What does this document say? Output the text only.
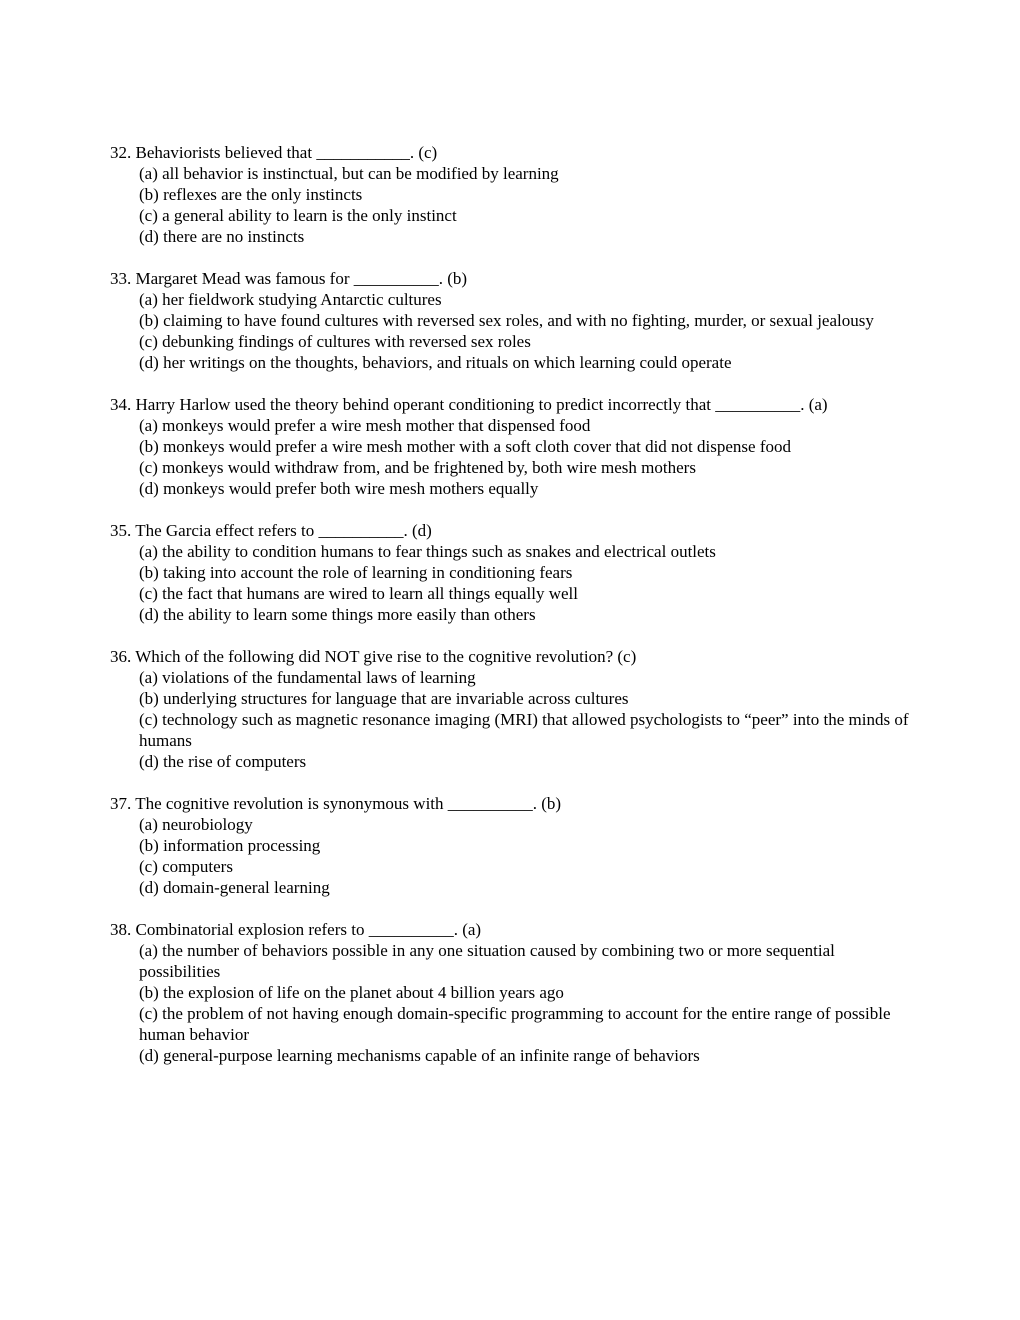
32. Behaviorists believed that ___________. (c)
(a) all behavior is instinctual, but can be modified by learning
(b) reflexes are the only instincts
(c) a general ability to learn is the only instinct
(d) there are no instincts
33. Margaret Mead was famous for __________. (b)
(a) her fieldwork studying Antarctic cultures
(b) claiming to have found cultures with reversed sex roles, and with no fighting, murder, or sexual jealousy
(c) debunking findings of cultures with reversed sex roles
(d) her writings on the thoughts, behaviors, and rituals on which learning could operate
34. Harry Harlow used the theory behind operant conditioning to predict incorrectly that __________. (a)
(a) monkeys would prefer a wire mesh mother that dispensed food
(b) monkeys would prefer a wire mesh mother with a soft cloth cover that did not dispense food
(c) monkeys would withdraw from, and be frightened by, both wire mesh mothers
(d) monkeys would prefer both wire mesh mothers equally
35. The Garcia effect refers to __________. (d)
(a) the ability to condition humans to fear things such as snakes and electrical outlets
(b) taking into account the role of learning in conditioning fears
(c) the fact that humans are wired to learn all things equally well
(d) the ability to learn some things more easily than others
36. Which of the following did NOT give rise to the cognitive revolution? (c)
(a) violations of the fundamental laws of learning
(b) underlying structures for language that are invariable across cultures
(c) technology such as magnetic resonance imaging (MRI) that allowed psychologists to “peer” into the minds of humans
(d) the rise of computers
37. The cognitive revolution is synonymous with __________. (b)
(a) neurobiology
(b) information processing
(c) computers
(d) domain-general learning
38. Combinatorial explosion refers to __________. (a)
(a) the number of behaviors possible in any one situation caused by combining two or more sequential possibilities
(b) the explosion of life on the planet about 4 billion years ago
(c) the problem of not having enough domain-specific programming to account for the entire range of possible human behavior
(d) general-purpose learning mechanisms capable of an infinite range of behaviors
